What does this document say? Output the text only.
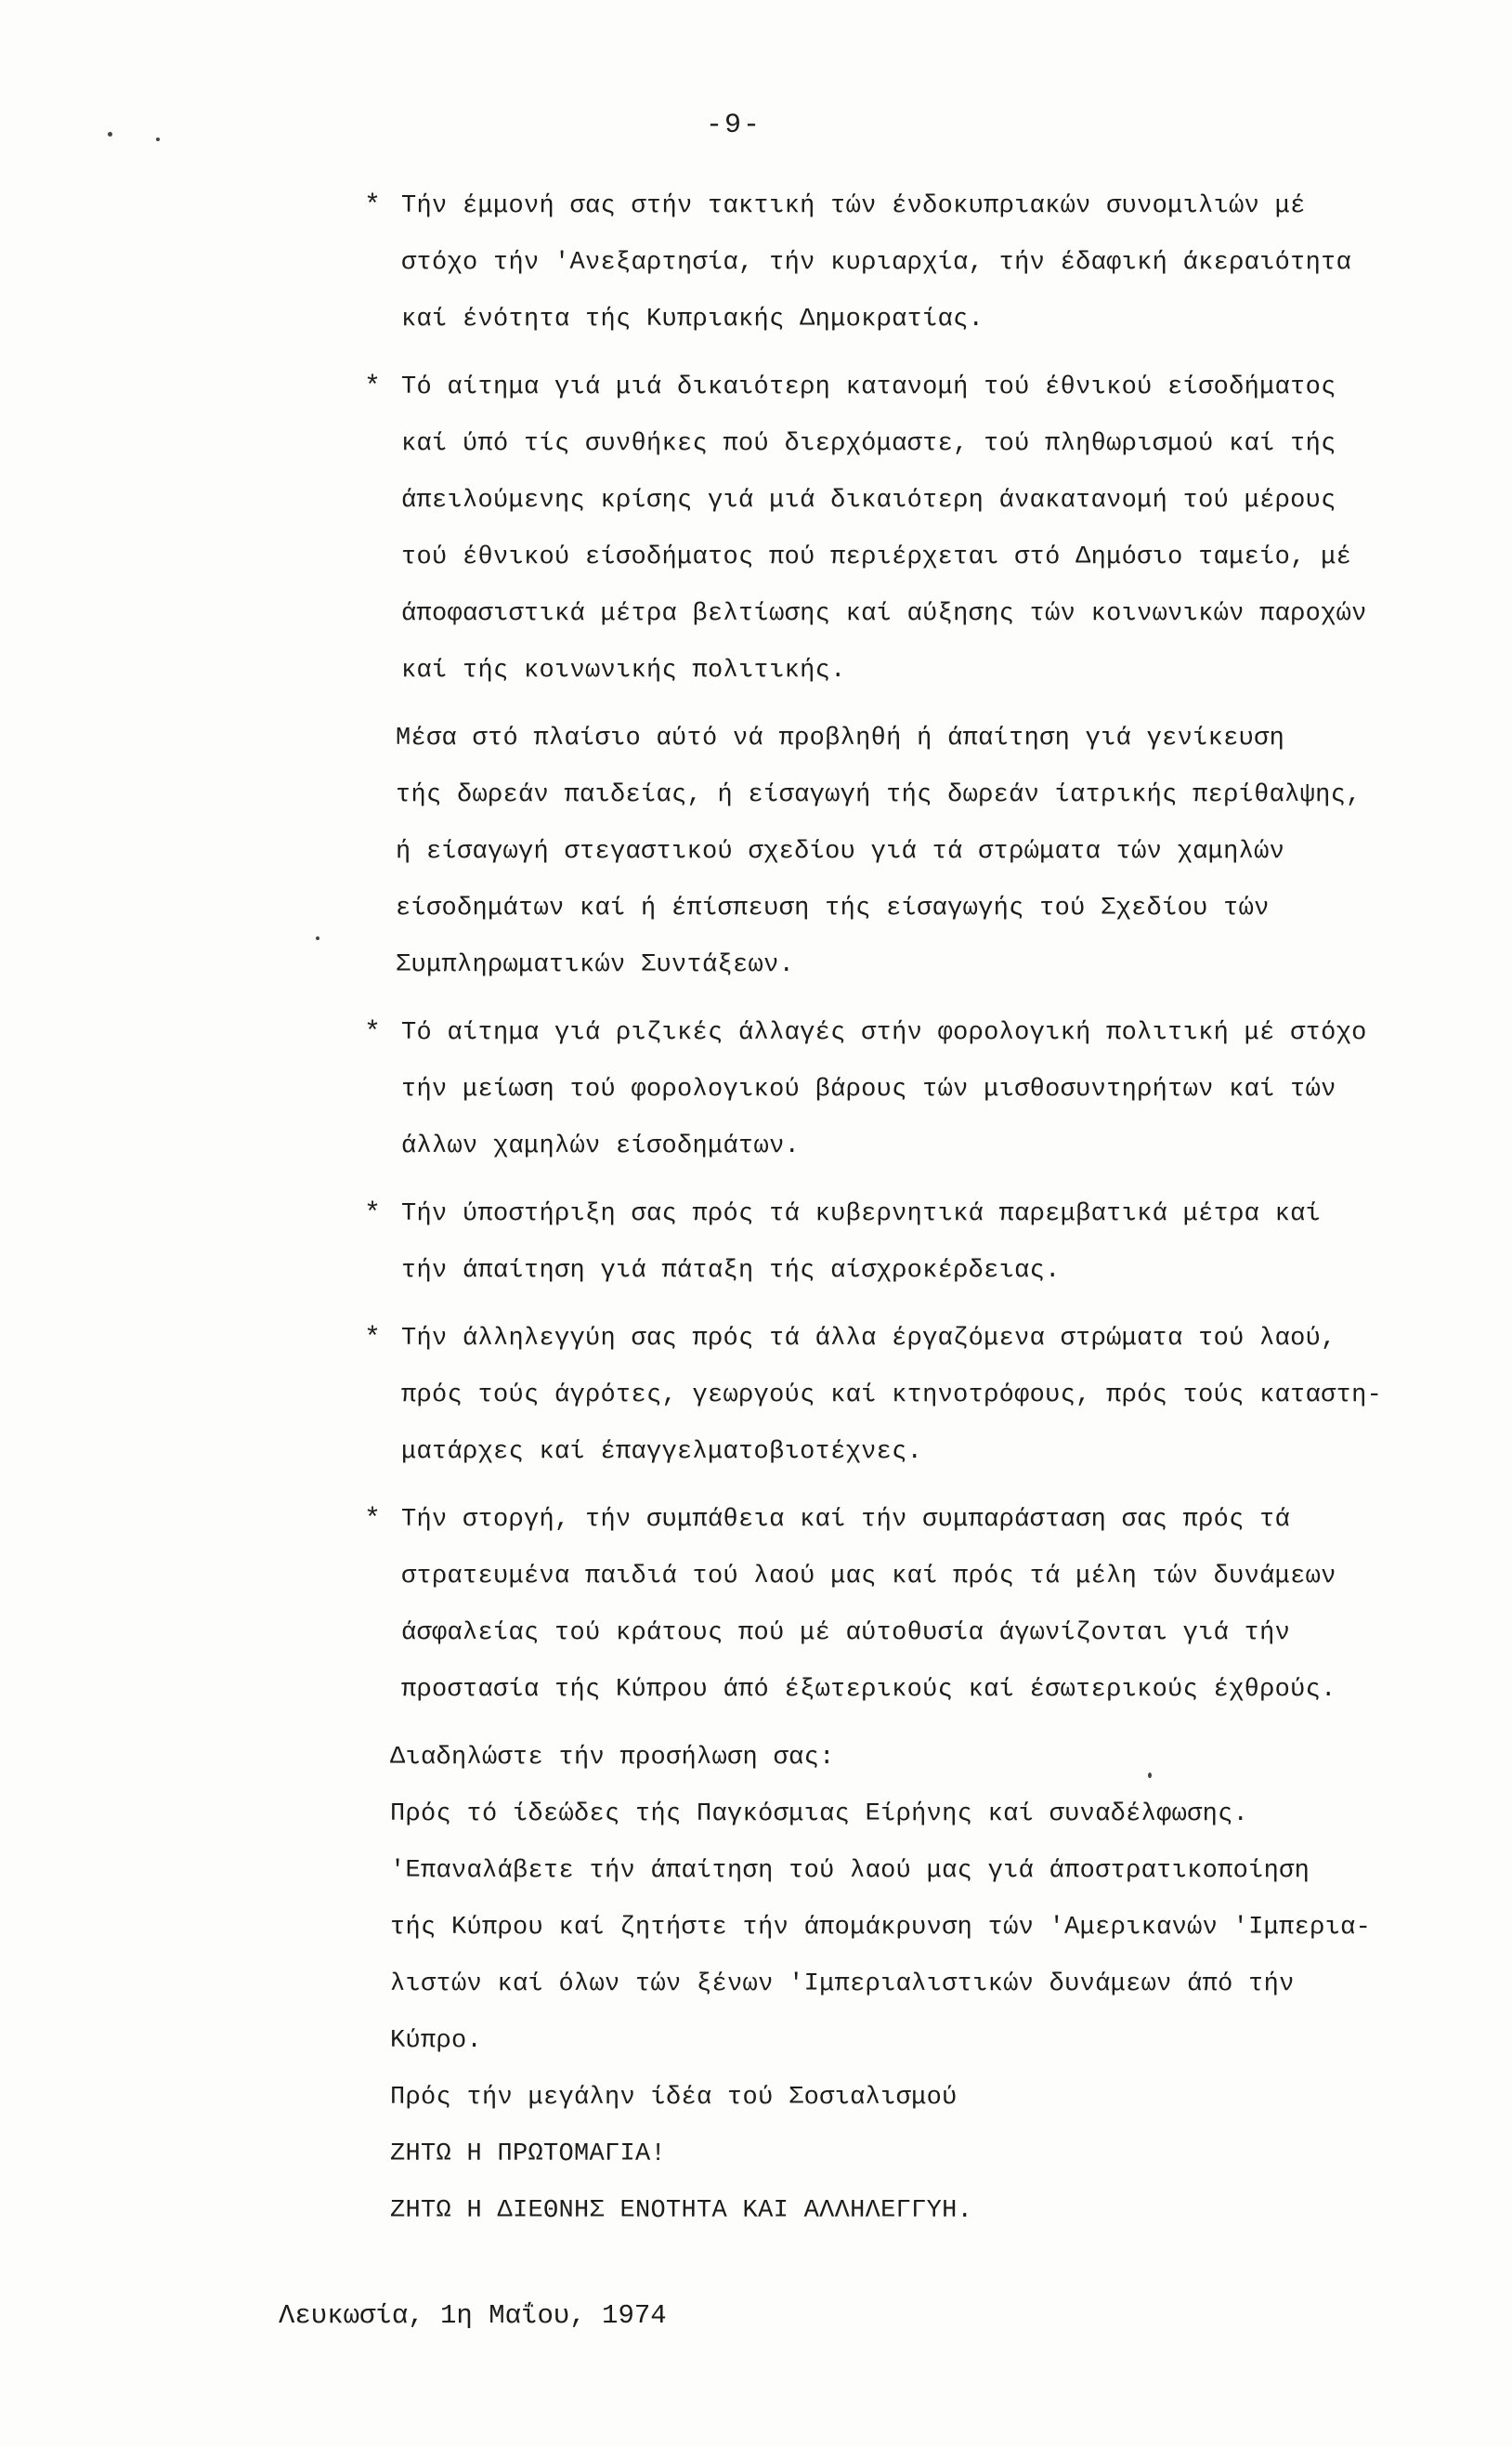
-9-
* Τήν έμμονή σας στήν τακτική τών ένδοκυπριακών συνομιλιών μέ
στόχο τήν 'Ανεξαρτησία, τήν κυριαρχία, τήν έδαφική άκεραιότητα
καί ένότητα τής Κυπριακής Δημοκρατίας.
* Τό αίτημα γιά μιά δικαιότερη κατανομή τού έθνικού είσοδήματος
καί ύπό τίς συνθήκες πού διερχόμαστε, τού πληθωρισμού καί τής
άπειλούμενης κρίσης γιά μιά δικαιότερη άνακατανομή τού μέρους
τού έθνικού είσοδήματος πού περιέρχεται στό Δημόσιο ταμείο, μέ
άποφασιστικά μέτρα βελτίωσης καί αύξησης τών κοινωνικών παροχών
καί τής κοινωνικής πολιτικής.
Μέσα στό πλαίσιο αύτό νά προβληθή ή άπαίτηση γιά γενίκευση
τής δωρεάν παιδείας, ή είσαγωγή τής δωρεάν ίατρικής περίθαλψης,
ή είσαγωγή στεγαστικού σχεδίου γιά τά στρώματα τών χαμηλών
είσοδημάτων καί ή έπίσπευση τής είσαγωγής τού Σχεδίου τών
Συμπληρωματικών Συντάξεων.
* Τό αίτημα γιά ριζικές άλλαγές στήν φορολογική πολιτική μέ στόχο
τήν μείωση τού φορολογικού βάρους τών μισθοσυντηρήτων καί τών
άλλων χαμηλών είσοδημάτων.
* Τήν ύποστήριξη σας πρός τά κυβερνητικά παρεμβατικά μέτρα καί
τήν άπαίτηση γιά πάταξη τής αίσχροκέρδειας.
* Τήν άλληλεγγύη σας πρός τά άλλα έργαζόμενα στρώματα τού λαού,
πρός τούς άγρότες, γεωργούς καί κτηνοτρόφους, πρός τούς καταστη-
ματάρχες καί έπαγγελματοβιοτέχνες.
* Τήν στοργή, τήν συμπάθεια καί τήν συμπαράσταση σας πρός τά
στρατευμένα παιδιά τού λαού μας καί πρός τά μέλη τών δυνάμεων
άσφαλείας τού κράτους πού μέ αύτοθυσία άγωνίζονται γιά τήν
προστασία τής Κύπρου άπό έξωτερικούς καί έσωτερικούς έχθρούς.
Διαδηλώστε τήν προσήλωση σας:
Πρός τό ίδεώδες τής Παγκόσμιας Είρήνης καί συναδέλφωσης.
'Επαναλάβετε τήν άπαίτηση τού λαού μας γιά άποστρατικοποίηση
τής Κύπρου καί ζητήστε τήν άπομάκρυνση τών 'Αμερικανών 'Ιμπερια-
λιστών καί όλων τών ξένων 'Ιμπεριαλιστικών δυνάμεων άπό τήν
Κύπρο.
Πρός τήν μεγάλην ίδέα τού Σοσιαλισμού
ΖΗΤΩ Η ΠΡΩΤΟΜΑΓΙΑ!
ΖΗΤΩ Η ΔΙΕΘΝΗΣ ΕΝΟΤΗΤΑ ΚΑΙ ΑΛΛΗΛΕΓΓΥΗ.
Λευκωσία, 1η Μαΐου, 1974
